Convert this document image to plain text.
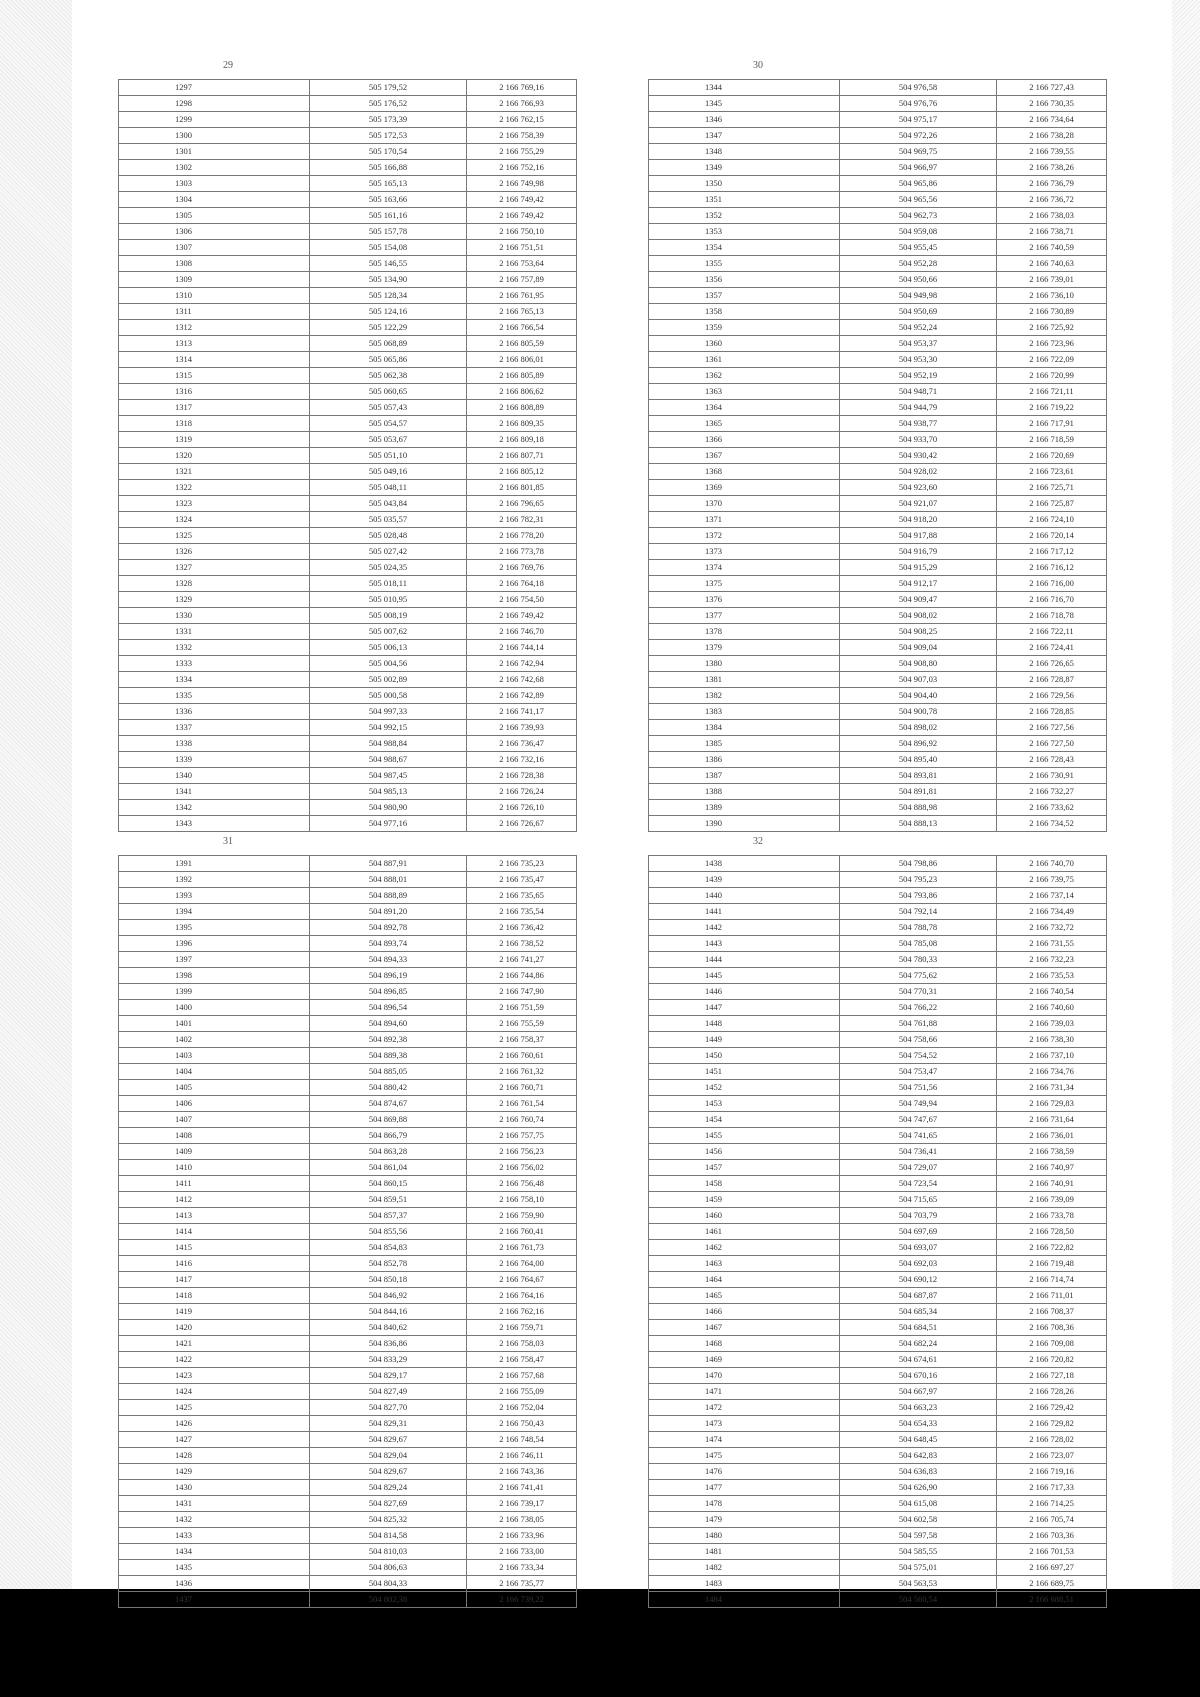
29
1297	505 179,52	2 166 769,16
1298	505 176,52	2 166 766,93
1299	505 173,39	2 166 762,15
1300	505 172,53	2 166 758,39
1301	505 170,54	2 166 755,29
1302	505 166,88	2 166 752,16
1303	505 165,13	2 166 749,98
1304	505 163,66	2 166 749,42
1305	505 161,16	2 166 749,42
1306	505 157,78	2 166 750,10
1307	505 154,08	2 166 751,51
1308	505 146,55	2 166 753,64
1309	505 134,90	2 166 757,89
1310	505 128,34	2 166 761,95
1311	505 124,16	2 166 765,13
1312	505 122,29	2 166 766,54
1313	505 068,89	2 166 805,59
1314	505 065,86	2 166 806,01
1315	505 062,38	2 166 805,89
1316	505 060,65	2 166 806,62
1317	505 057,43	2 166 808,89
1318	505 054,57	2 166 809,35
1319	505 053,67	2 166 809,18
1320	505 051,10	2 166 807,71
1321	505 049,16	2 166 805,12
1322	505 048,11	2 166 801,85
1323	505 043,84	2 166 796,65
1324	505 035,57	2 166 782,31
1325	505 028,48	2 166 778,20
1326	505 027,42	2 166 773,78
1327	505 024,35	2 166 769,76
1328	505 018,11	2 166 764,18
1329	505 010,95	2 166 754,50
1330	505 008,19	2 166 749,42
1331	505 007,62	2 166 746,70
1332	505 006,13	2 166 744,14
1333	505 004,56	2 166 742,94
1334	505 002,89	2 166 742,68
1335	505 000,58	2 166 742,89
1336	504 997,33	2 166 741,17
1337	504 992,15	2 166 739,93
1338	504 988,84	2 166 736,47
1339	504 988,67	2 166 732,16
1340	504 987,45	2 166 728,38
1341	504 985,13	2 166 726,24
1342	504 980,90	2 166 726,10
1343	504 977,16	2 166 726,67
30
1344	504 976,58	2 166 727,43
1345	504 976,76	2 166 730,35
1346	504 975,17	2 166 734,64
1347	504 972,26	2 166 738,28
1348	504 969,75	2 166 739,55
1349	504 966,97	2 166 738,26
1350	504 965,86	2 166 736,79
1351	504 965,56	2 166 736,72
1352	504 962,73	2 166 738,03
1353	504 959,08	2 166 738,71
1354	504 955,45	2 166 740,59
1355	504 952,28	2 166 740,63
1356	504 950,66	2 166 739,01
1357	504 949,98	2 166 736,10
1358	504 950,69	2 166 730,89
1359	504 952,24	2 166 725,92
1360	504 953,37	2 166 723,96
1361	504 953,30	2 166 722,09
1362	504 952,19	2 166 720,99
1363	504 948,71	2 166 721,11
1364	504 944,79	2 166 719,22
1365	504 938,77	2 166 717,91
1366	504 933,70	2 166 718,59
1367	504 930,42	2 166 720,69
1368	504 928,02	2 166 723,61
1369	504 923,60	2 166 725,71
1370	504 921,07	2 166 725,87
1371	504 918,20	2 166 724,10
1372	504 917,88	2 166 720,14
1373	504 916,79	2 166 717,12
1374	504 915,29	2 166 716,12
1375	504 912,17	2 166 716,00
1376	504 909,47	2 166 716,70
1377	504 908,02	2 166 718,78
1378	504 908,25	2 166 722,11
1379	504 909,04	2 166 724,41
1380	504 908,80	2 166 726,65
1381	504 907,03	2 166 728,87
1382	504 904,40	2 166 729,56
1383	504 900,78	2 166 728,85
1384	504 898,02	2 166 727,56
1385	504 896,92	2 166 727,50
1386	504 895,40	2 166 728,43
1387	504 893,81	2 166 730,91
1388	504 891,81	2 166 732,27
1389	504 888,98	2 166 733,62
1390	504 888,13	2 166 734,52
31
1391	504 887,91	2 166 735,23
1392	504 888,01	2 166 735,47
1393	504 888,89	2 166 735,65
1394	504 891,20	2 166 735,54
1395	504 892,78	2 166 736,42
1396	504 893,74	2 166 738,52
1397	504 894,33	2 166 741,27
1398	504 896,19	2 166 744,86
1399	504 896,85	2 166 747,90
1400	504 896,54	2 166 751,59
1401	504 894,60	2 166 755,59
1402	504 892,38	2 166 758,37
1403	504 889,38	2 166 760,61
1404	504 885,05	2 166 761,32
1405	504 880,42	2 166 760,71
1406	504 874,67	2 166 761,54
1407	504 869,88	2 166 760,74
1408	504 866,79	2 166 757,75
1409	504 863,28	2 166 756,23
1410	504 861,04	2 166 756,02
1411	504 860,15	2 166 756,48
1412	504 859,51	2 166 758,10
1413	504 857,37	2 166 759,90
1414	504 855,56	2 166 760,41
1415	504 854,83	2 166 761,73
1416	504 852,78	2 166 764,00
1417	504 850,18	2 166 764,67
1418	504 846,92	2 166 764,16
1419	504 844,16	2 166 762,16
1420	504 840,62	2 166 759,71
1421	504 836,86	2 166 758,03
1422	504 833,29	2 166 758,47
1423	504 829,17	2 166 757,68
1424	504 827,49	2 166 755,09
1425	504 827,70	2 166 752,04
1426	504 829,31	2 166 750,43
1427	504 829,67	2 166 748,54
1428	504 829,04	2 166 746,11
1429	504 829,67	2 166 743,36
1430	504 829,24	2 166 741,41
1431	504 827,69	2 166 739,17
1432	504 825,32	2 166 738,05
1433	504 814,58	2 166 733,96
1434	504 810,03	2 166 733,00
1435	504 806,63	2 166 733,34
1436	504 804,33	2 166 735,77
1437	504 802,38	2 166 739,22
32
1438	504 798,86	2 166 740,70
1439	504 795,23	2 166 739,75
1440	504 793,86	2 166 737,14
1441	504 792,14	2 166 734,49
1442	504 788,78	2 166 732,72
1443	504 785,08	2 166 731,55
1444	504 780,33	2 166 732,23
1445	504 775,62	2 166 735,53
1446	504 770,31	2 166 740,54
1447	504 766,22	2 166 740,60
1448	504 761,88	2 166 739,03
1449	504 758,66	2 166 738,30
1450	504 754,52	2 166 737,10
1451	504 753,47	2 166 734,76
1452	504 751,56	2 166 731,34
1453	504 749,94	2 166 729,83
1454	504 747,67	2 166 731,64
1455	504 741,65	2 166 736,01
1456	504 736,41	2 166 738,59
1457	504 729,07	2 166 740,97
1458	504 723,54	2 166 740,91
1459	504 715,65	2 166 739,09
1460	504 703,79	2 166 733,78
1461	504 697,69	2 166 728,50
1462	504 693,07	2 166 722,82
1463	504 692,03	2 166 719,48
1464	504 690,12	2 166 714,74
1465	504 687,87	2 166 711,01
1466	504 685,34	2 166 708,37
1467	504 684,51	2 166 708,36
1468	504 682,24	2 166 709,08
1469	504 674,61	2 166 720,82
1470	504 670,16	2 166 727,18
1471	504 667,97	2 166 728,26
1472	504 663,23	2 166 729,42
1473	504 654,33	2 166 729,82
1474	504 648,45	2 166 728,02
1475	504 642,83	2 166 723,07
1476	504 636,83	2 166 719,16
1477	504 626,90	2 166 717,33
1478	504 615,08	2 166 714,25
1479	504 602,58	2 166 705,74
1480	504 597,58	2 166 703,36
1481	504 585,55	2 166 701,53
1482	504 575,01	2 166 697,27
1483	504 563,53	2 166 689,75
1484	504 560,54	2 166 688,51
